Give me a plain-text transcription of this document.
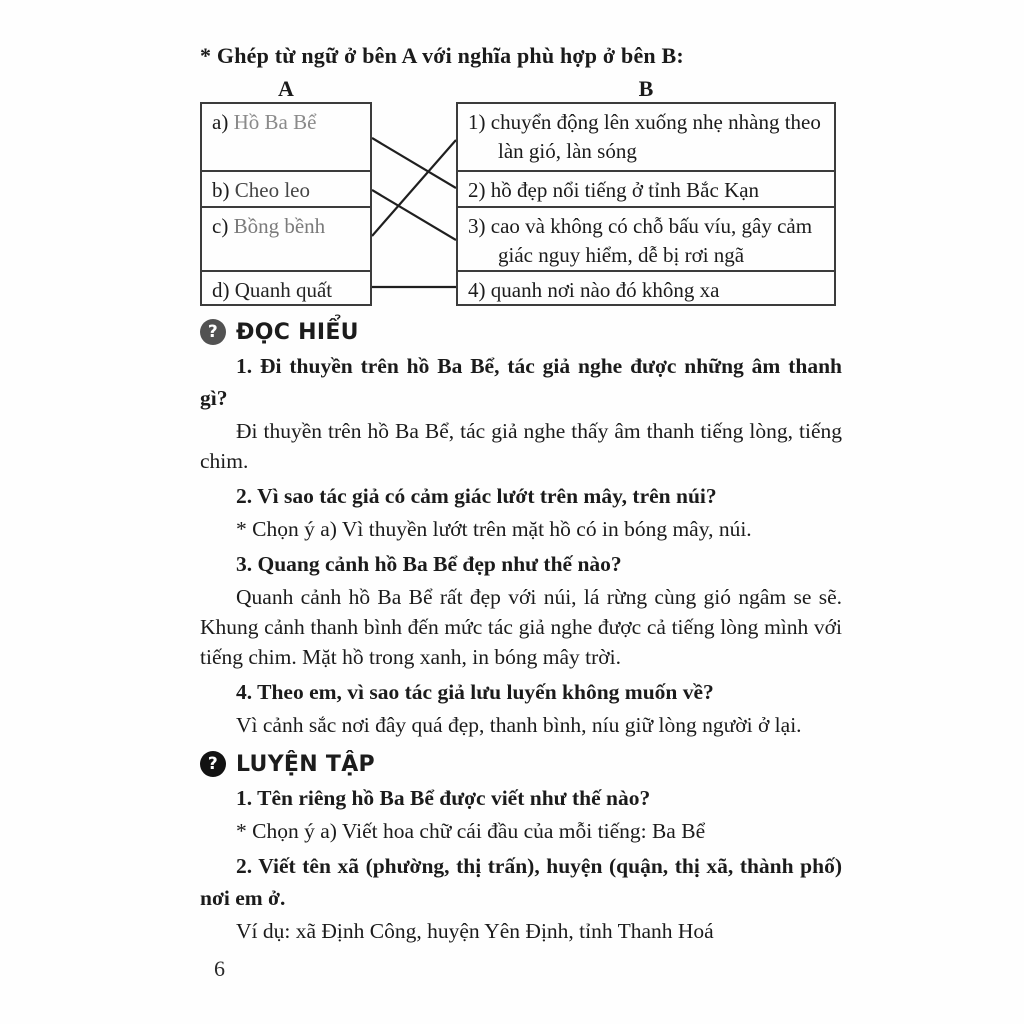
* Ghép từ ngữ ở bên A với nghĩa phù hợp ở bên B:
A	B
a) Hồ Ba Bể
b) Cheo leo
c) Bồng bềnh
d) Quanh quất
1) chuyển động lên xuống nhẹ nhàng theo làn gió, làn sóng
2) hồ đẹp nổi tiếng ở tỉnh Bắc Kạn
3) cao và không có chỗ bấu víu, gây cảm giác nguy hiểm, dễ bị rơi ngã
4) quanh nơi nào đó không xa
? ĐỌC HIỂU
1. Đi thuyền trên hồ Ba Bể, tác giả nghe được những âm thanh gì?
Đi thuyền trên hồ Ba Bể, tác giả nghe thấy âm thanh tiếng lòng, tiếng chim.
2. Vì sao tác giả có cảm giác lướt trên mây, trên núi?
* Chọn ý a) Vì thuyền lướt trên mặt hồ có in bóng mây, núi.
3. Quang cảnh hồ Ba Bể đẹp như thế nào?
Quanh cảnh hồ Ba Bể rất đẹp với núi, lá rừng cùng gió ngâm se sẽ. Khung cảnh thanh bình đến mức tác giả nghe được cả tiếng lòng mình với tiếng chim. Mặt hồ trong xanh, in bóng mây trời.
4. Theo em, vì sao tác giả lưu luyến không muốn về?
Vì cảnh sắc nơi đây quá đẹp, thanh bình, níu giữ lòng người ở lại.
? LUYỆN TẬP
1. Tên riêng hồ Ba Bể được viết như thế nào?
* Chọn ý a) Viết hoa chữ cái đầu của mỗi tiếng: Ba Bể
2. Viết tên xã (phường, thị trấn), huyện (quận, thị xã, thành phố) nơi em ở.
Ví dụ: xã Định Công, huyện Yên Định, tỉnh Thanh Hoá
6
